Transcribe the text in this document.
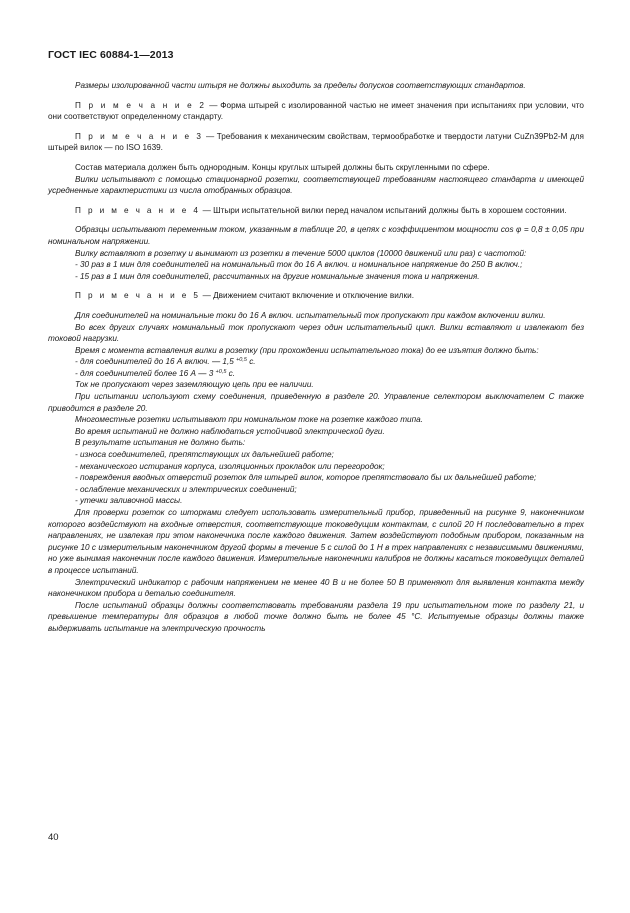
ГОСТ IEC 60884-1—2013

Размеры изолированной части штыря не должны выходить за пределы допусков соответствующих стандартов.

П р и м е ч а н и е 2 — Форма штырей с изолированной частью не имеет значения при испытаниях при условии, что они соответствуют определенному стандарту.

П р и м е ч а н и е 3 — Требования к механическим свойствам, термообработке и твердости латуни CuZn39Pb2-M для штырей вилок — по ISO 1639.

Состав материала должен быть однородным. Концы круглых штырей должны быть скругленными по сфере.

Вилки испытывают с помощью стационарной розетки, соответствующей требованиям настоящего стандарта и имеющей усредненные характеристики из числа отобранных образцов.

П р и м е ч а н и е 4 — Штыри испытательной вилки перед началом испытаний должны быть в хорошем состоянии.

Образцы испытывают переменным током, указанным в таблице 20, в цепях с коэффициентом мощности cos φ = 0,8 ± 0,05 при номинальном напряжении.

Вилку вставляют в розетку и вынимают из розетки в течение 5000 циклов (10000 движений или раз) с частотой:

- 30 раз в 1 мин для соединителей на номинальный ток до 16 А включ. и номинальное напряжение до 250 В включ.;

- 15 раз в 1 мин для соединителей, рассчитанных на другие номинальные значения тока и напряжения.

П р и м е ч а н и е 5 — Движением считают включение и отключение вилки.

Для соединителей на номинальные токи до 16 А включ. испытательный ток пропускают при каждом включении вилки.

Во всех других случаях номинальный ток пропускают через один испытательный цикл. Вилки вставляют и извлекают без токовой нагрузки.

Время с момента вставления вилки в розетку (при прохождении испытательного тока) до ее изъятия должно быть:

- для соединителей до 16 А включ. — 1,5 $^{+0,5}$ с.

- для соединителей более 16 А — 3 $^{+0,5}$ с.

Ток не пропускают через заземляющую цепь при ее наличии.

При испытании используют схему соединения, приведенную в разделе 20. Управление селектором выключателем С также приводится в разделе 20.

Многоместные розетки испытывают при номинальном токе на розетке каждого типа.

Во время испытаний не должно наблюдаться устойчивой электрической дуги.

В результате испытания не должно быть:

- износа соединителей, препятствующих их дальнейшей работе;

- механического истирания корпуса, изоляционных прокладок или перегородок;

- повреждения вводных отверстий розеток для штырей вилок, которое препятствовало бы их дальнейшей работе;

- ослабление механических и электрических соединений;

- утечки заливочной массы.

Для проверки розеток со шторками следует использовать измерительный прибор, приведенный на рисунке 9, наконечником которого воздействуют на входные отверстия, соответствующие токоведущим контактам, с силой 20 Н последовательно в трех направлениях, не извлекая при этом наконечника после каждого движения. Затем воздействуют подобным прибором, показанным на рисунке 10 с измерительным наконечником другой формы в течение 5 с силой до 1 Н в трех направлениях с независимыми движениями, но уже вынимая наконечник после каждого движения. Измерительные наконечники калибров не должны касаться токоведущих деталей в процессе испытаний.

Электрический индикатор с рабочим напряжением не менее 40 В и не более 50 В применяют для выявления контакта между наконечником прибора и деталью соединителя.

После испытаний образцы должны соответствовать требованиям раздела 19 при испытательном токе по разделу 21, и превышение температуры для образцов в любой точке должно быть не более 45 °С. Испытуемые образцы должны также выдерживать испытание на электрическую прочность

40
